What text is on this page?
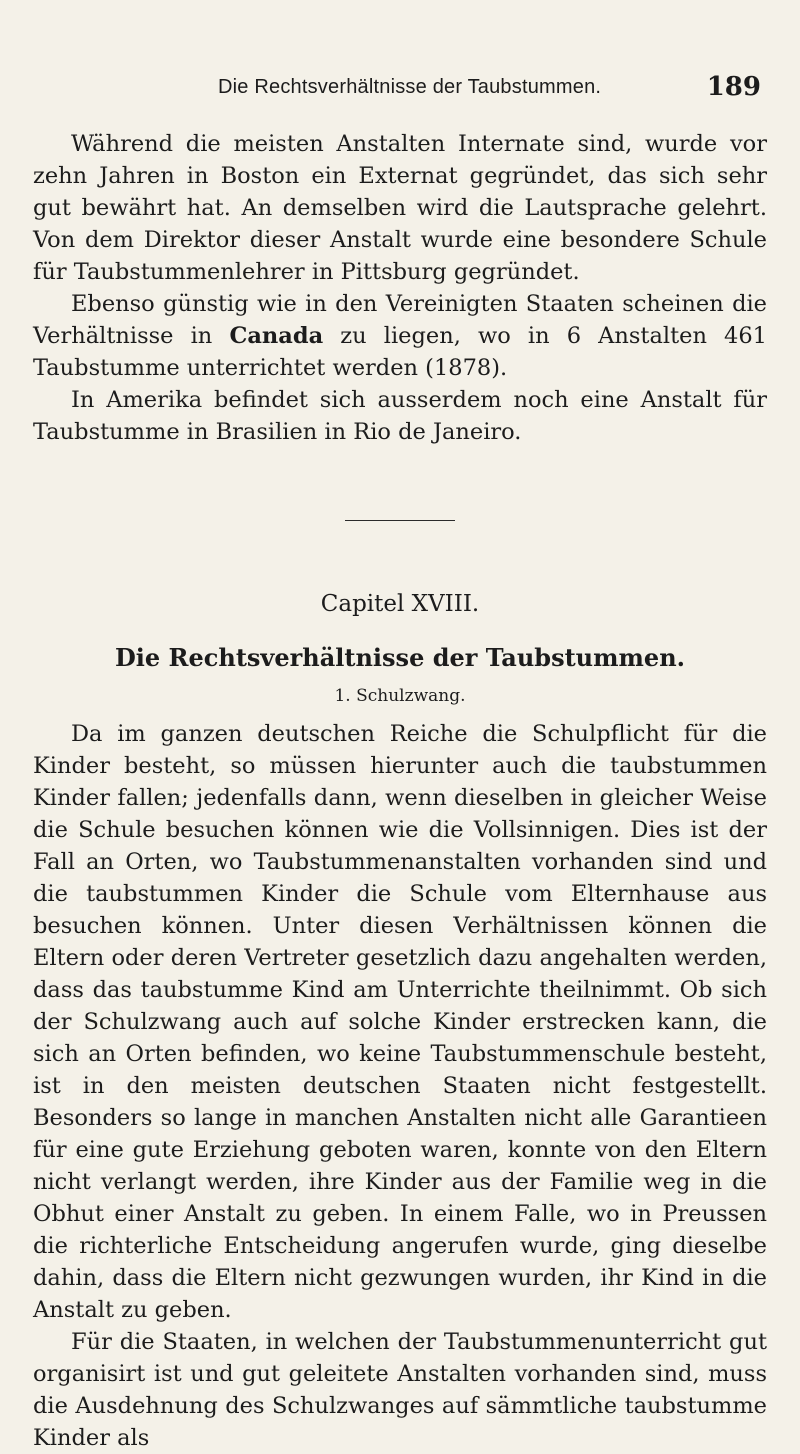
Die Rechtsverhältnisse der Taubstummen.	189

Während die meisten Anstalten Internate sind, wurde vor zehn Jahren in Boston ein Externat gegründet, das sich sehr gut bewährt hat. An demselben wird die Lautsprache gelehrt. Von dem Direktor dieser Anstalt wurde eine besondere Schule für Taubstummenlehrer in Pittsburg gegründet.

Ebenso günstig wie in den Vereinigten Staaten scheinen die Verhältnisse in Canada zu liegen, wo in 6 Anstalten 461 Taubstumme unterrichtet werden (1878).

In Amerika befindet sich ausserdem noch eine Anstalt für Taubstumme in Brasilien in Rio de Janeiro.

Capitel XVIII.
Die Rechtsverhältnisse der Taubstummen.
1. Schulzwang.

Da im ganzen deutschen Reiche die Schulpflicht für die Kinder besteht, so müssen hierunter auch die taubstummen Kinder fallen; jedenfalls dann, wenn dieselben in gleicher Weise die Schule besuchen können wie die Vollsinnigen. Dies ist der Fall an Orten, wo Taubstummenanstalten vorhanden sind und die taubstummen Kinder die Schule vom Elternhause aus besuchen können. Unter diesen Verhältnissen können die Eltern oder deren Vertreter gesetzlich dazu angehalten werden, dass das taubstumme Kind am Unterrichte theilnimmt. Ob sich der Schulzwang auch auf solche Kinder erstrecken kann, die sich an Orten befinden, wo keine Taubstummenschule besteht, ist in den meisten deutschen Staaten nicht festgestellt. Besonders so lange in manchen Anstalten nicht alle Garantieen für eine gute Erziehung geboten waren, konnte von den Eltern nicht verlangt werden, ihre Kinder aus der Familie weg in die Obhut einer Anstalt zu geben. In einem Falle, wo in Preussen die richterliche Entscheidung angerufen wurde, ging dieselbe dahin, dass die Eltern nicht gezwungen wurden, ihr Kind in die Anstalt zu geben.

Für die Staaten, in welchen der Taubstummenunterricht gut organisirt ist und gut geleitete Anstalten vorhanden sind, muss die Ausdehnung des Schulzwanges auf sämmtliche taubstumme Kinder als
